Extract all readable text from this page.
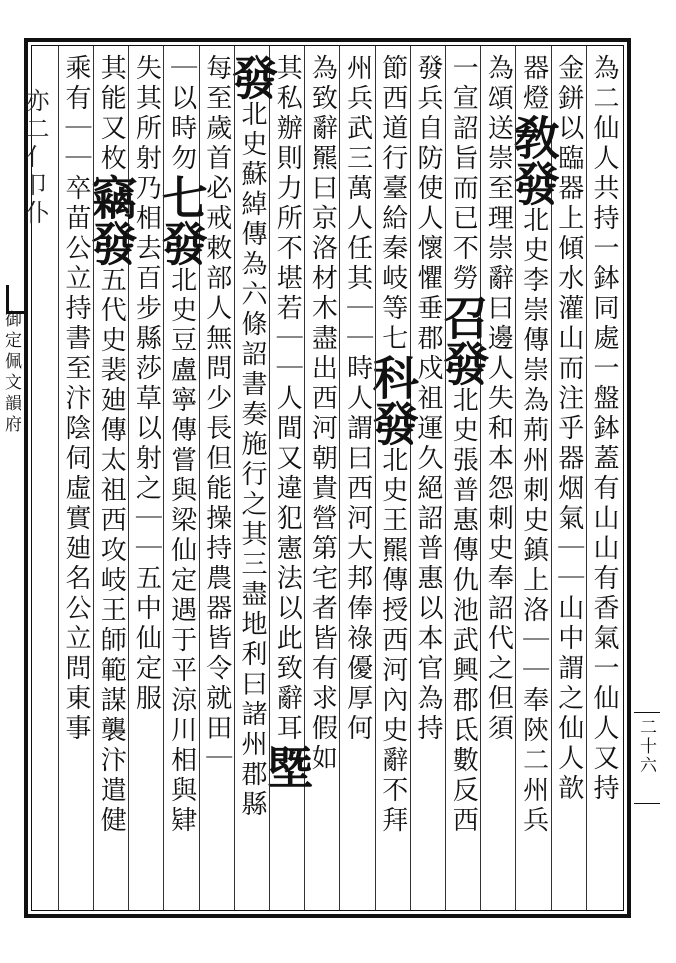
御定佩文韻府
亦二亻卩仆	為二仙人共持一鉢同處一盤鉢蓋有山山有香氣一仙人又持
金鉼以臨器上傾水灌山而注乎器烟氣｜｜山中謂之仙人歆
器燈敎發北史李崇傳崇為荊州刺史鎮上洛｜｜奉陝二州兵
為頌送崇至理崇辭曰邊人失和本怨刺史奉詔代之但須
一宣詔旨而已不勞召發北史張普惠傳仇池武興郡氐數反西
發兵自防使人懷懼垂郡戍祖運久絕詔普惠以本官為持
節西道行臺給秦岐等七科發北史王羆傳授西河內史辭不拜
州兵武三萬人任其｜｜時人謂曰西河大邦俸祿優厚何
為致辭羆曰京洛材木盡出西河朝貴營第宅者皆有求假如
其私辦則力所不堪若｜｜人間又違犯憲法以此致辭耳塈
發北史蘇綽傳為六條詔書奏施行之其三盡地利曰諸州郡縣
每至歲首必戒敕部人無問少長但能操持農器皆令就田｜
｜以時勿七發北史豆盧寧傳嘗與梁仙定遇于平涼川相與肄
失其所射乃相去百步縣莎草以射之｜｜五中仙定服
其能又枚竊發五代史裴廸傳太祖西攻岐王師範謀襲汴遣健
乘有｜｜卒苗公立持書至汴陰伺虛實廸名公立問東事
二十六
